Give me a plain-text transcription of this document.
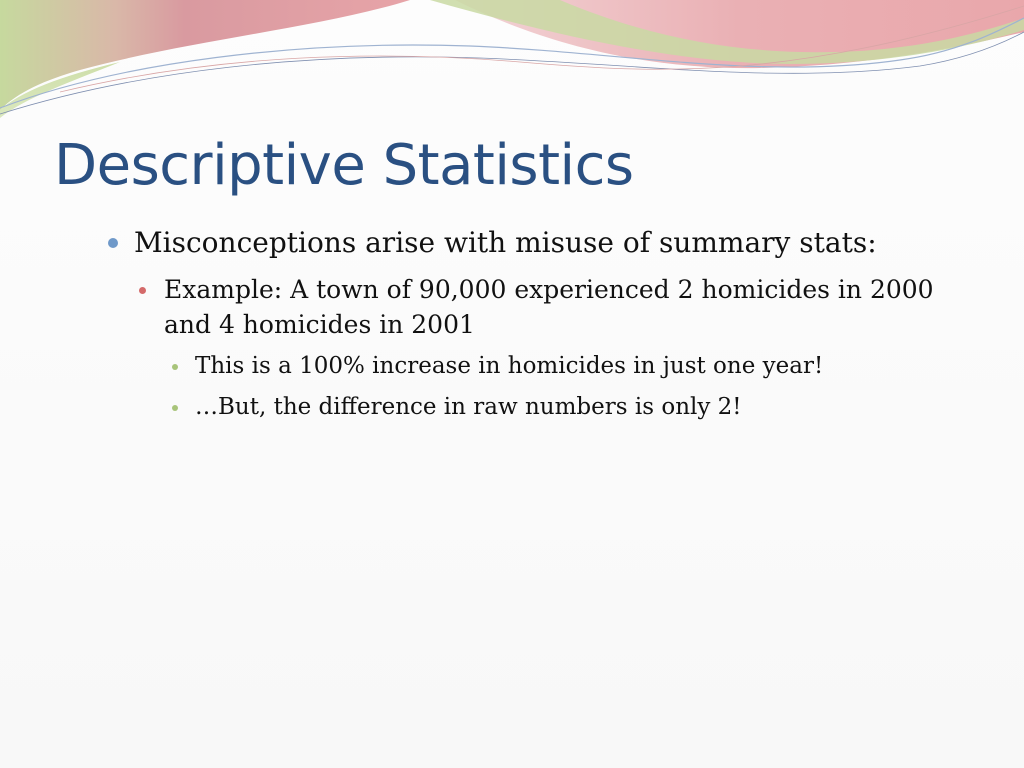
Descriptive Statistics
Misconceptions arise with misuse of summary stats:
Example: A town of 90,000 experienced 2 homicides in 2000 and 4 homicides in 2001
This is a 100% increase in homicides in just one year!
…But, the difference in raw numbers is only 2!
